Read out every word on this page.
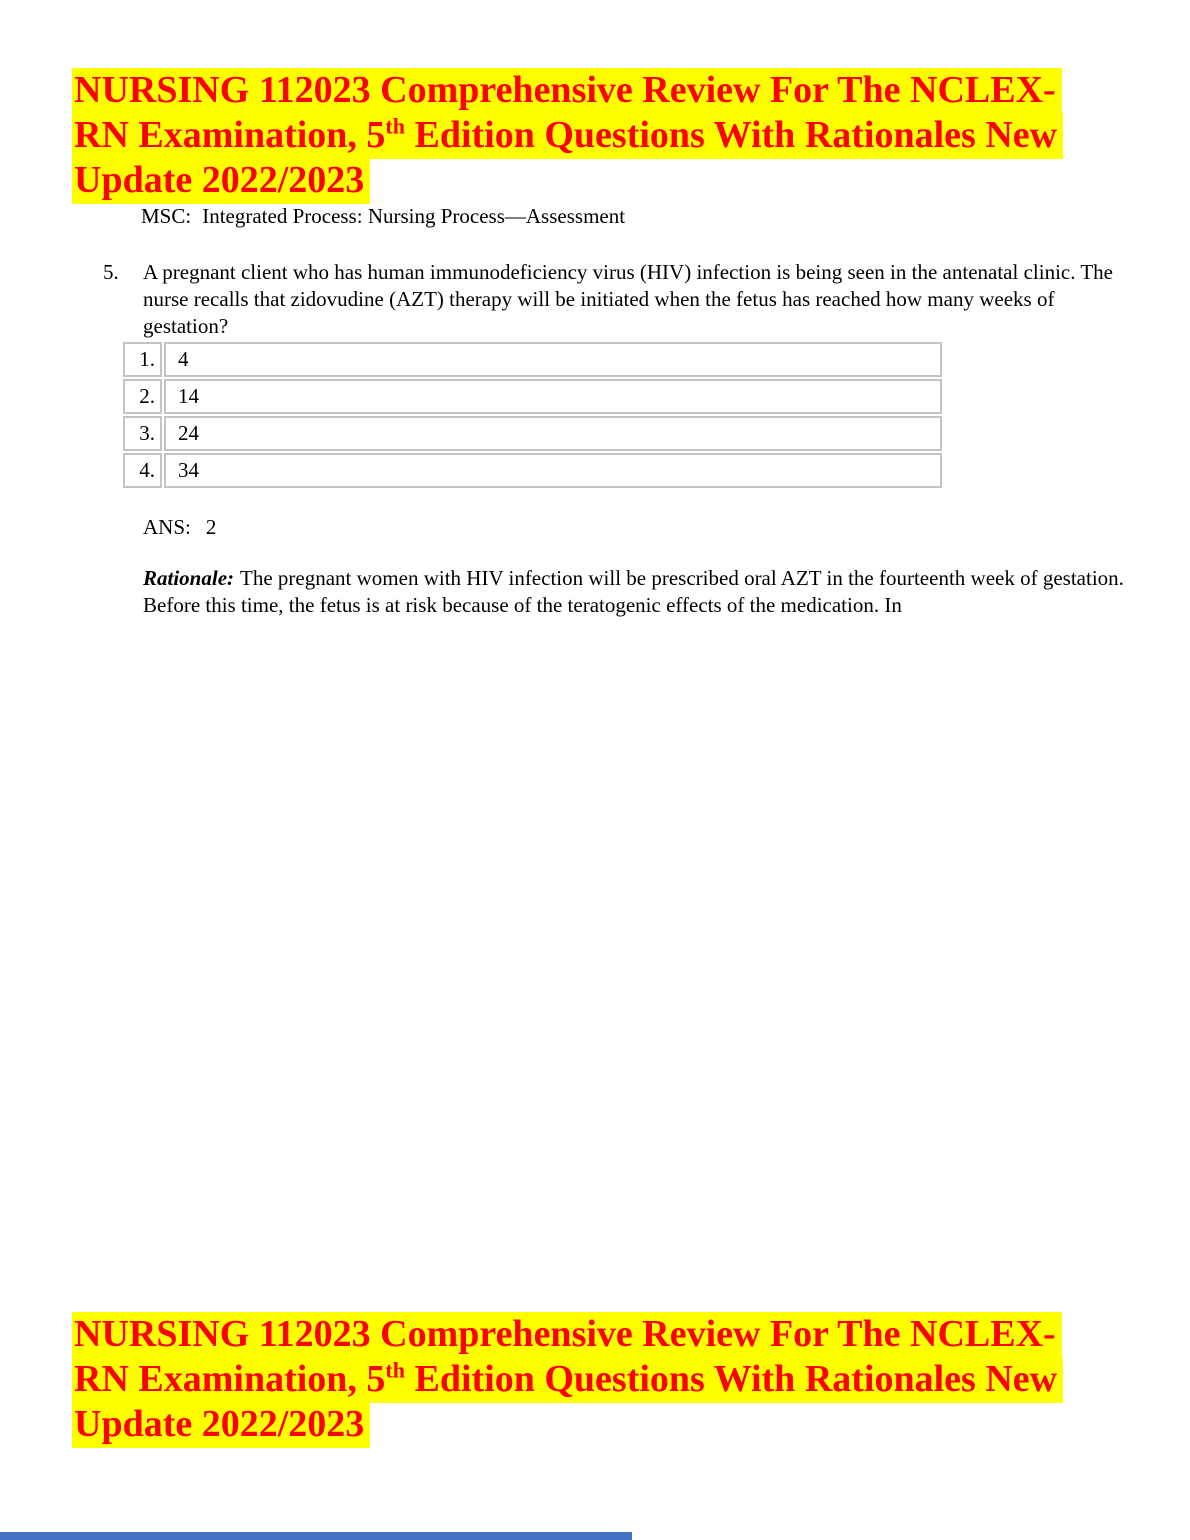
NURSING 112023 Comprehensive Review For The NCLEX-
RN Examination, 5th Edition Questions With Rationales New
Update 2022/2023
MSC: Integrated Process: Nursing Process—Assessment
5. A pregnant client who has human immunodeficiency virus (HIV) infection is being seen in the antenatal clinic. The nurse recalls that zidovudine (AZT) therapy will be initiated when the fetus has reached how many weeks of gestation?
1.	4
2.	14
3.	24
4.	34
ANS: 2
Rationale: The pregnant women with HIV infection will be prescribed oral AZT in the fourteenth week of gestation. Before this time, the fetus is at risk because of the teratogenic effects of the medication. In
NURSING 112023 Comprehensive Review For The NCLEX-
RN Examination, 5th Edition Questions With Rationales New
Update 2022/2023
